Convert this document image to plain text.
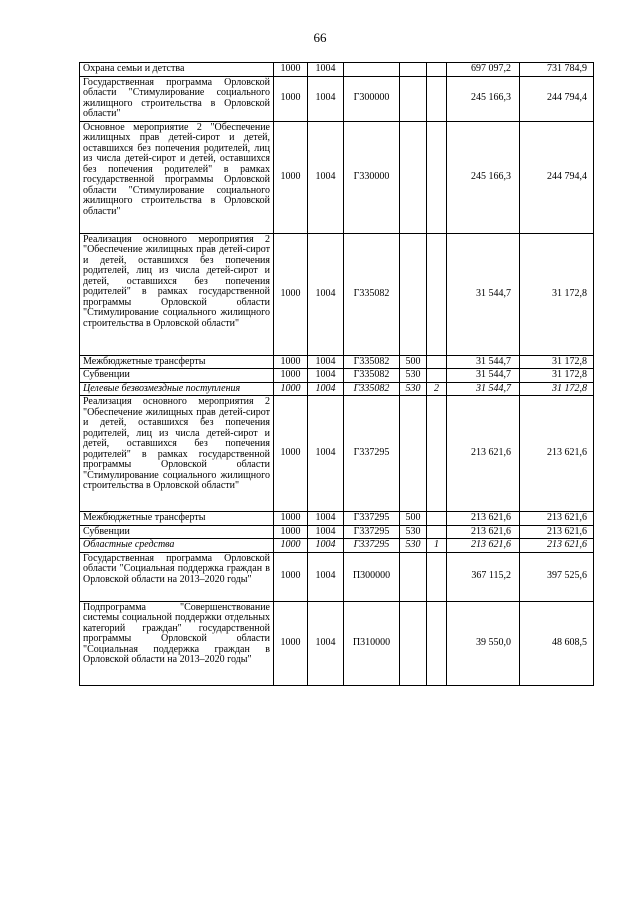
66
Охрана семьи и детства	1000	1004				697 097,2	731 784,9
Государственная программа Орловской области "Стимулирование социального жилищного строительства в Орловской области"	1000	1004	Г300000			245 166,3	244 794,4
Основное мероприятие 2 "Обеспечение жилищных прав детей-сирот и детей, оставшихся без попечения родителей, лиц из числа детей-сирот и детей, оставшихся без попечения родителей" в рамках государственной программы Орловской области "Стимулирование социального жилищного строительства в Орловской области"	1000	1004	Г330000			245 166,3	244 794,4
Реализация основного мероприятия 2 "Обеспечение жилищных прав детей-сирот и детей, оставшихся без попечения родителей, лиц из числа детей-сирот и детей, оставшихся без попечения родителей" в рамках государственной программы Орловской области "Стимулирование социального жилищного строительства в Орловской области"	1000	1004	Г335082			31 544,7	31 172,8
Межбюджетные трансферты	1000	1004	Г335082	500		31 544,7	31 172,8
Субвенции	1000	1004	Г335082	530		31 544,7	31 172,8
Целевые безвозмездные поступления	1000	1004	Г335082	530	2	31 544,7	31 172,8
Реализация основного мероприятия 2 "Обеспечение жилищных прав детей-сирот и детей, оставшихся без попечения родителей, лиц из числа детей-сирот и детей, оставшихся без попечения родителей" в рамках государственной программы Орловской области "Стимулирование социального жилищного строительства в Орловской области"	1000	1004	Г337295			213 621,6	213 621,6
Межбюджетные трансферты	1000	1004	Г337295	500		213 621,6	213 621,6
Субвенции	1000	1004	Г337295	530		213 621,6	213 621,6
Областные средства	1000	1004	Г337295	530	1	213 621,6	213 621,6
Государственная программа Орловской области "Социальная поддержка граждан в Орловской области на 2013–2020 годы"	1000	1004	П300000			367 115,2	397 525,6
Подпрограмма "Совершенствование системы социальной поддержки отдельных категорий граждан" государственной программы Орловской области "Социальная поддержка граждан в Орловской области на 2013–2020 годы"	1000	1004	П310000			39 550,0	48 608,5
